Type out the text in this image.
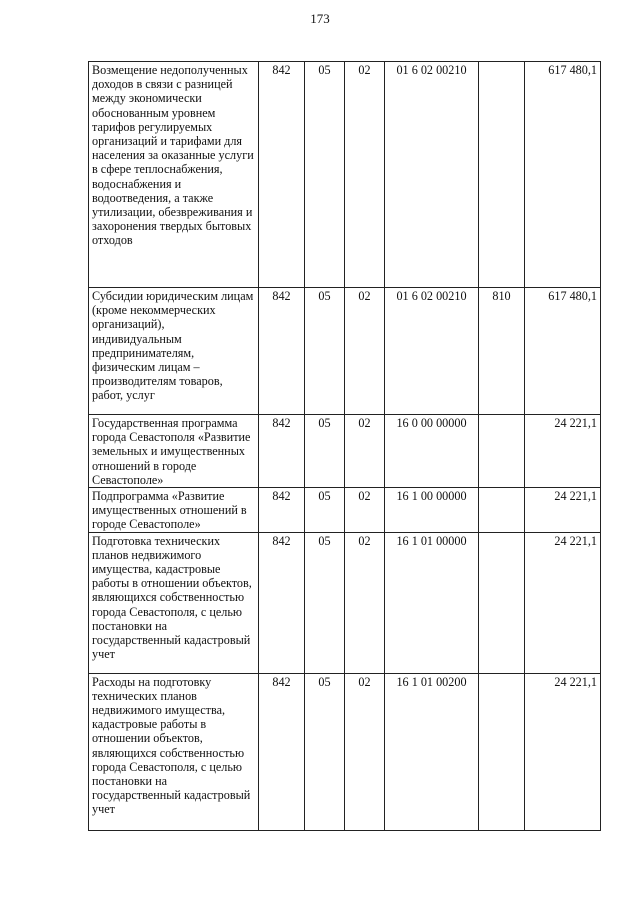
173
Возмещение недополученных доходов в связи с разницей между экономически обоснованным уровнем тарифов регулируемых организаций и тарифами для населения за оказанные услуги в сфере теплоснабжения, водоснабжения и водоотведения, а также утилизации, обезвреживания и захоронения твердых бытовых отходов	842	05	02	01 6 02 00210		617 480,1
Субсидии юридическим лицам (кроме некоммерческих организаций), индивидуальным предпринимателям, физическим лицам – производителям товаров, работ, услуг	842	05	02	01 6 02 00210	810	617 480,1
Государственная программа города Севастополя «Развитие земельных и имущественных отношений в городе Севастополе»	842	05	02	16 0 00 00000		24 221,1
Подпрограмма «Развитие имущественных отношений в городе Севастополе»	842	05	02	16 1 00 00000		24 221,1
Подготовка технических планов недвижимого имущества, кадастровые работы в отношении объектов, являющихся собственностью города Севастополя, с целью постановки на государственный кадастровый учет	842	05	02	16 1 01 00000		24 221,1
Расходы на подготовку технических планов недвижимого имущества, кадастровые работы в отношении объектов, являющихся собственностью города Севастополя, с целью постановки на государственный кадастровый учет	842	05	02	16 1 01 00200		24 221,1
